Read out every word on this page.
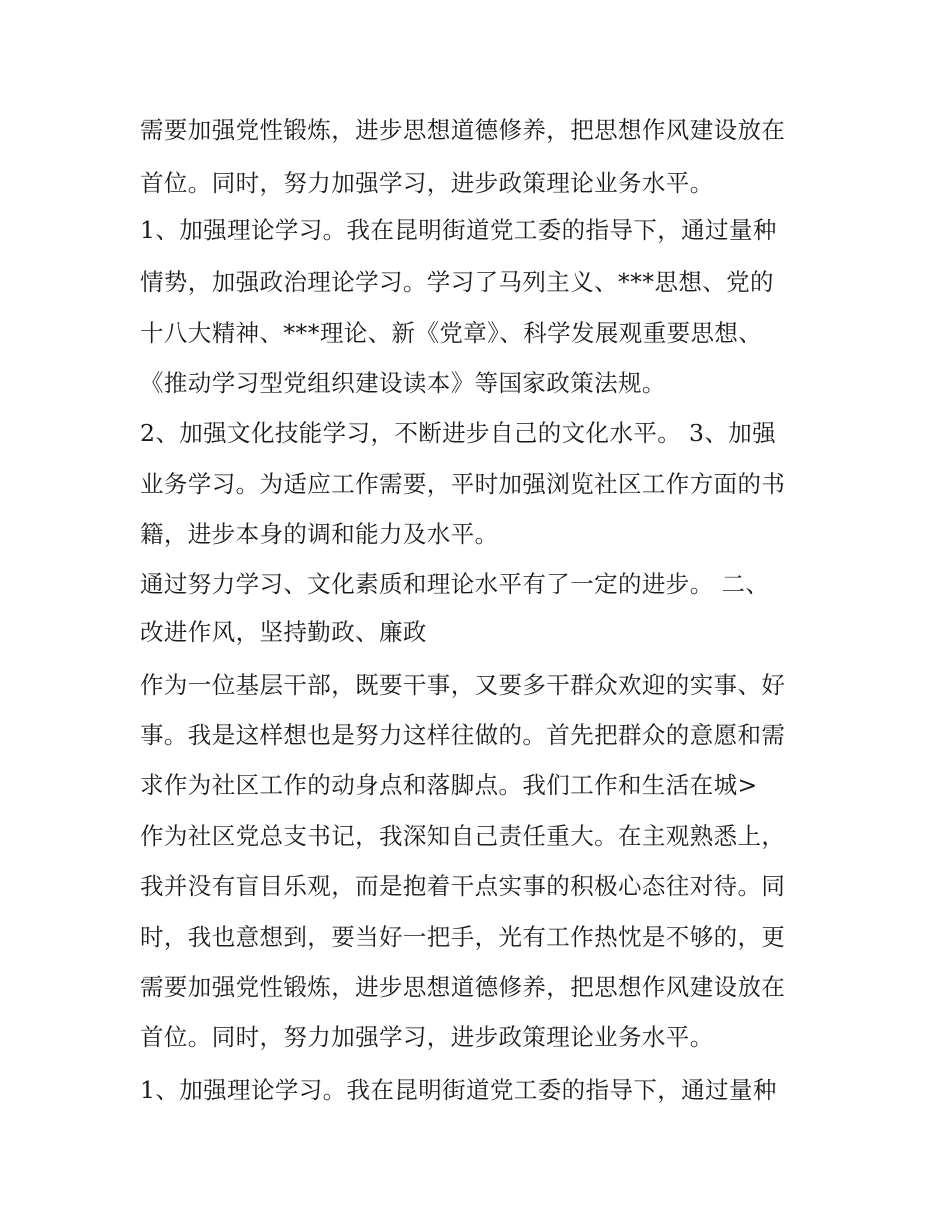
需要加强党性锻炼，进步思想道德修养，把思想作风建设放在
首位。同时，努力加强学习，进步政策理论业务水平。
1、加强理论学习。我在昆明街道党工委的指导下，通过量种
情势，加强政治理论学习。学习了马列主义、***思想、党的
十八大精神、***理论、新《党章》、科学发展观重要思想、
《推动学习型党组织建设读本》等国家政策法规。
2、加强文化技能学习，不断进步自己的文化水平。 3、加强
业务学习。为适应工作需要，平时加强浏览社区工作方面的书
籍，进步本身的调和能力及水平。
通过努力学习、文化素质和理论水平有了一定的进步。 二、
改进作风，坚持勤政、廉政
作为一位基层干部，既要干事，又要多干群众欢迎的实事、好
事。我是这样想也是努力这样往做的。首先把群众的意愿和需
求作为社区工作的动身点和落脚点。我们工作和生活在城>
作为社区党总支书记，我深知自己责任重大。在主观熟悉上，
我并没有盲目乐观，而是抱着干点实事的积极心态往对待。同
时，我也意想到，要当好一把手，光有工作热忱是不够的，更
需要加强党性锻炼，进步思想道德修养，把思想作风建设放在
首位。同时，努力加强学习，进步政策理论业务水平。
1、加强理论学习。我在昆明街道党工委的指导下，通过量种
